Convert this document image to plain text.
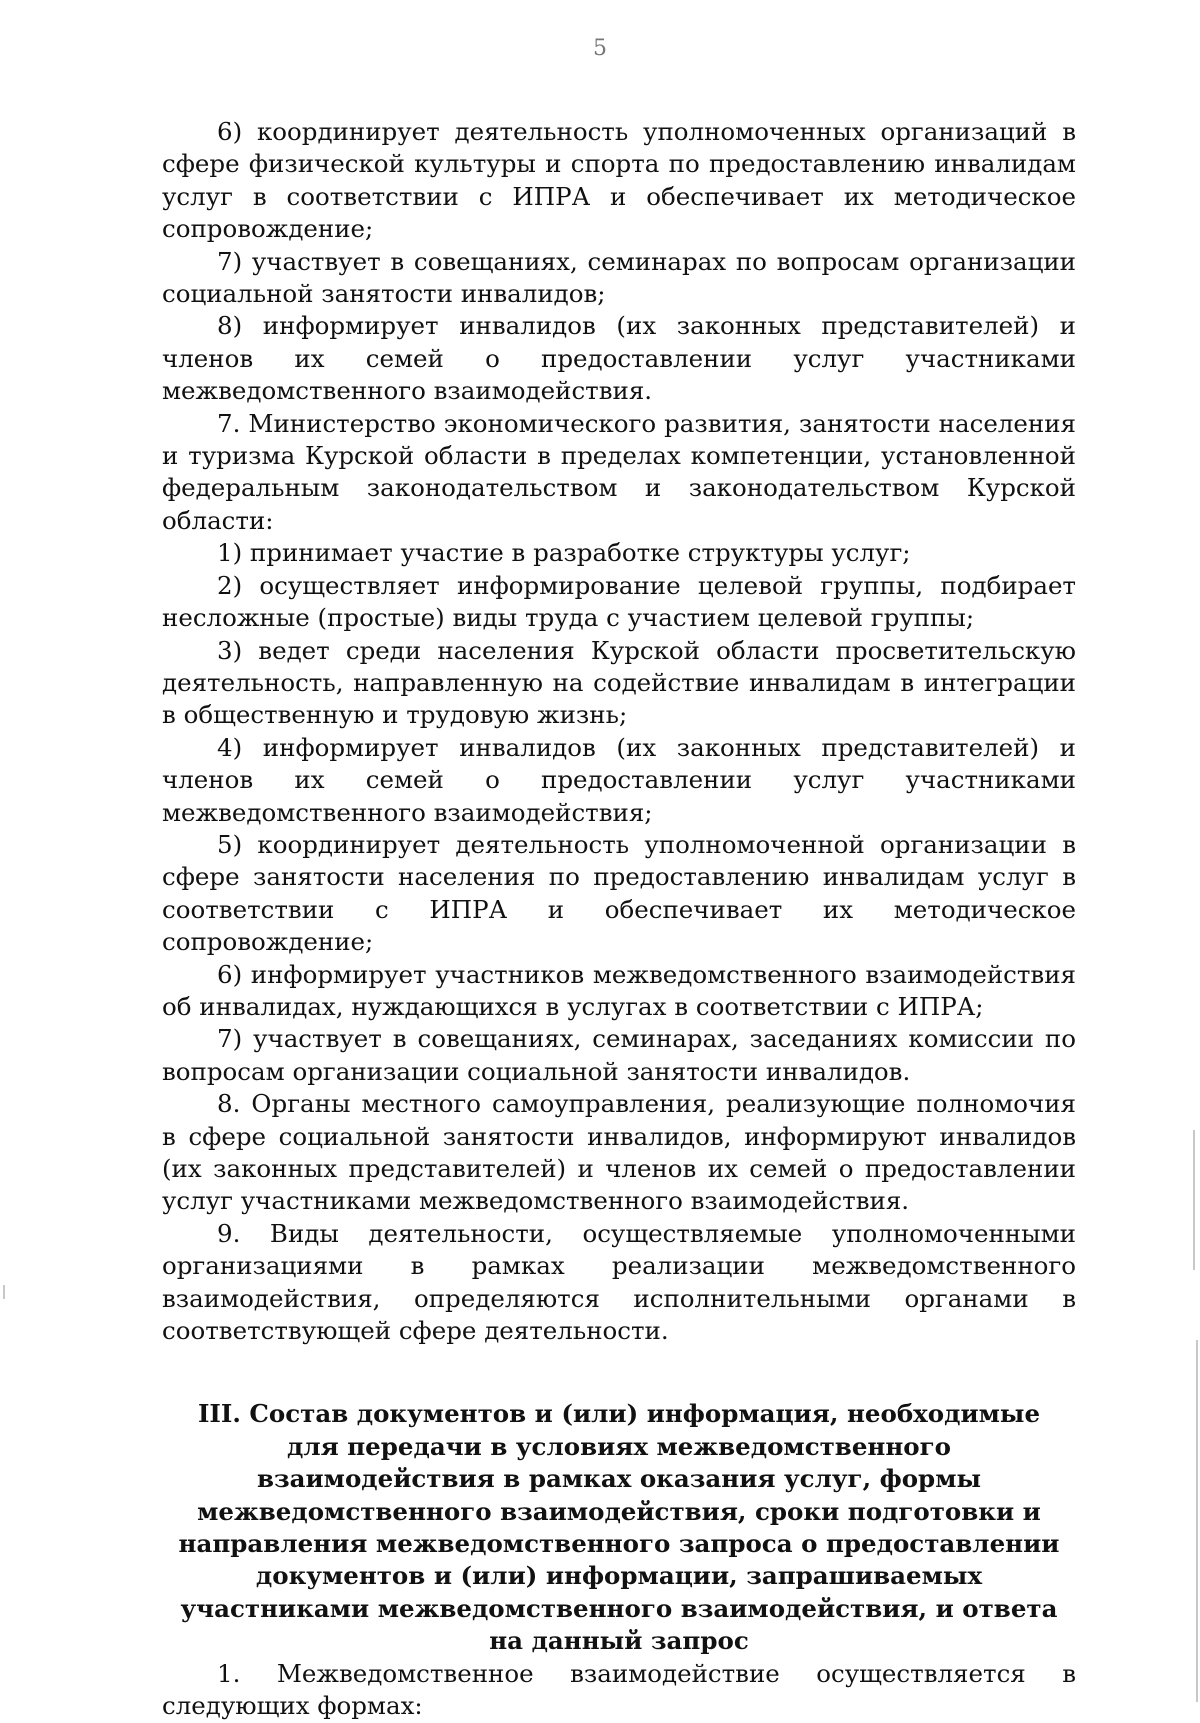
5

6) координирует деятельность уполномоченных организаций в сфере физической культуры и спорта по предоставлению инвалидам услуг в соответствии с ИПРА и обеспечивает их методическое сопровождение;

7) участвует в совещаниях, семинарах по вопросам организации социальной занятости инвалидов;

8) информирует инвалидов (их законных представителей) и членов их семей о предоставлении услуг участниками межведомственного взаимодействия.

7. Министерство экономического развития, занятости населения и туризма Курской области в пределах компетенции, установленной федеральным законодательством и законодательством Курской области:

1) принимает участие в разработке структуры услуг;

2) осуществляет информирование целевой группы, подбирает несложные (простые) виды труда с участием целевой группы;

3) ведет среди населения Курской области просветительскую деятельность, направленную на содействие инвалидам в интеграции в общественную и трудовую жизнь;

4) информирует инвалидов (их законных представителей) и членов их семей о предоставлении услуг участниками межведомственного взаимодействия;

5) координирует деятельность уполномоченной организации в сфере занятости населения по предоставлению инвалидам услуг в соответствии с ИПРА и обеспечивает их методическое сопровождение;

6) информирует участников межведомственного взаимодействия об инвалидах, нуждающихся в услугах в соответствии с ИПРА;

7) участвует в совещаниях, семинарах, заседаниях комиссии по вопросам организации социальной занятости инвалидов.

8. Органы местного самоуправления, реализующие полномочия в сфере социальной занятости инвалидов, информируют инвалидов (их законных представителей) и членов их семей о предоставлении услуг участниками межведомственного взаимодействия.

9. Виды деятельности, осуществляемые уполномоченными организациями в рамках реализации межведомственного взаимодействия, определяются исполнительными органами в соответствующей сфере деятельности.

III. Состав документов и (или) информация, необходимые для передачи в условиях межведомственного взаимодействия в рамках оказания услуг, формы межведомственного взаимодействия, сроки подготовки и направления межведомственного запроса о предоставлении документов и (или) информации, запрашиваемых участниками межведомственного взаимодействия, и ответа на данный запрос

1. Межведомственное взаимодействие осуществляется в следующих формах:
